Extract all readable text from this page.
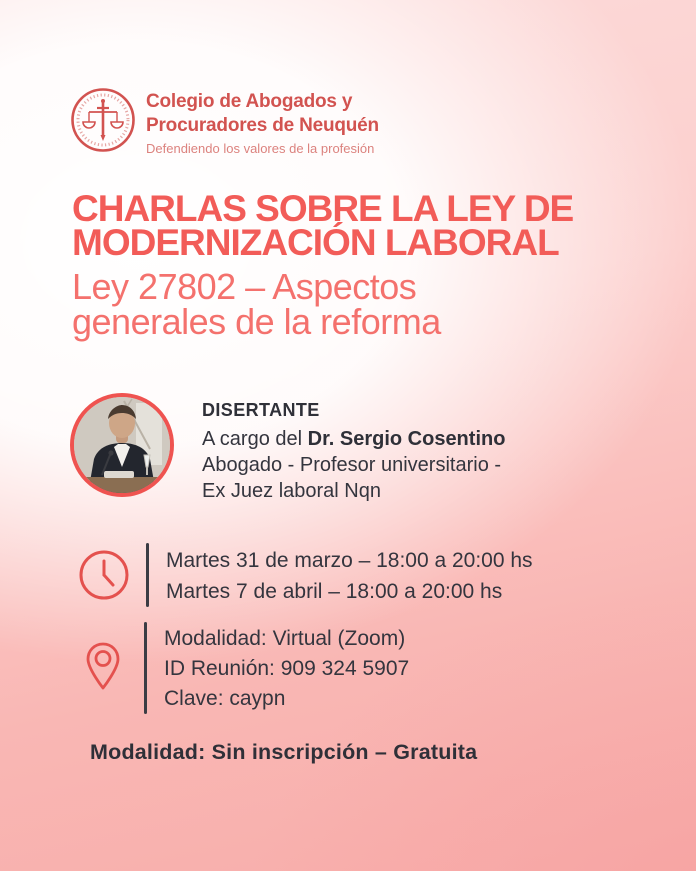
Colegio de Abogados y
Procuradores de Neuquén
Defendiendo los valores de la profesión
CHARLAS SOBRE LA LEY DE
MODERNIZACIÓN LABORAL
Ley 27802 – Aspectos
generales de la reforma
DISERTANTE
A cargo del Dr. Sergio Cosentino
Abogado - Profesor universitario -
Ex Juez laboral Nqn
Martes 31 de marzo – 18:00 a 20:00 hs
Martes 7 de abril – 18:00 a 20:00 hs
Modalidad: Virtual (Zoom)
ID Reunión: 909 324 5907
Clave: caypn
Modalidad: Sin inscripción – Gratuita
